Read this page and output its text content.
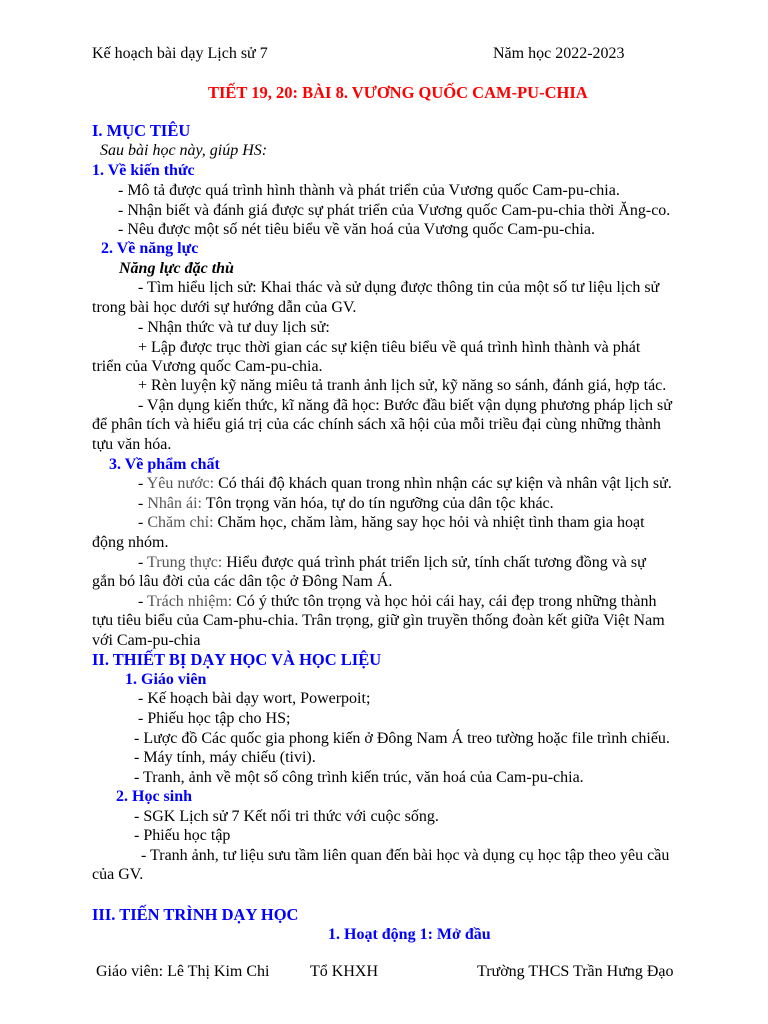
Kế hoạch bài dạy Lịch sử 7	Năm học 2022-2023
TIẾT 19, 20: BÀI 8. VƯƠNG QUỐC CAM-PU-CHIA
I. MỤC TIÊU
Sau bài học này, giúp HS:
1. Về kiến thức
- Mô tả được quá trình hình thành và phát triển của Vương quốc Cam-pu-chia.
- Nhận biết và đánh giá được sự phát triển của Vương quốc Cam-pu-chia thời Ăng-co.
- Nêu được một số nét tiêu biểu về văn hoá của Vương quốc Cam-pu-chia.
2. Về năng lực
Năng lực đặc thù
- Tìm hiểu lịch sử: Khai thác và sử dụng được thông tin của một số tư liệu lịch sử
trong bài học dưới sự hướng dẫn của GV.
- Nhận thức và tư duy lịch sử:
+ Lập được trục thời gian các sự kiện tiêu biểu về quá trình hình thành và phát
triển của Vương quốc Cam-pu-chia.
+ Rèn luyện kỹ năng miêu tả tranh ảnh lịch sử, kỹ năng so sánh, đánh giá, hợp tác.
- Vận dụng kiến thức, kĩ năng đã học: Bước đầu biết vận dụng phương pháp lịch sử
để phân tích và hiểu giá trị của các chính sách xã hội của mỗi triều đại cùng những thành
tựu văn hóa.
3. Về phẩm chất
- Yêu nước: Có thái độ khách quan trong nhìn nhận các sự kiện và nhân vật lịch sử.
- Nhân ái: Tôn trọng văn hóa, tự do tín ngưỡng của dân tộc khác.
- Chăm chỉ: Chăm học, chăm làm, hăng say học hỏi và nhiệt tình tham gia hoạt
động nhóm.
- Trung thực: Hiểu được quá trình phát triển lịch sử, tính chất tương đồng và sự
gắn bó lâu đời của các dân tộc ở Đông Nam Á.
- Trách nhiệm: Có ý thức tôn trọng và học hỏi cái hay, cái đẹp trong những thành
tựu tiêu biểu của Cam-phu-chia. Trân trọng, giữ gìn truyền thống đoàn kết giữa Việt Nam
với Cam-pu-chia
II. THIẾT BỊ DẠY HỌC VÀ HỌC LIỆU
1. Giáo viên
- Kế hoạch bài dạy wort, Powerpoit;
- Phiếu học tập cho HS;
- Lược đồ Các quốc gia phong kiến ở Đông Nam Á treo tường hoặc file trình chiếu.
- Máy tính, máy chiếu (tivi).
- Tranh, ảnh về một số công trình kiến trúc, văn hoá của Cam-pu-chia.
2. Học sinh
- SGK Lịch sử 7 Kết nối tri thức với cuộc sống.
- Phiếu học tập
- Tranh ảnh, tư liệu sưu tầm liên quan đến bài học và dụng cụ học tập theo yêu cầu
của GV.
III. TIẾN TRÌNH DẠY HỌC
1. Hoạt động 1: Mở đầu
Giáo viên: Lê Thị Kim Chi	Tổ KHXH	Trường THCS Trần Hưng Đạo
